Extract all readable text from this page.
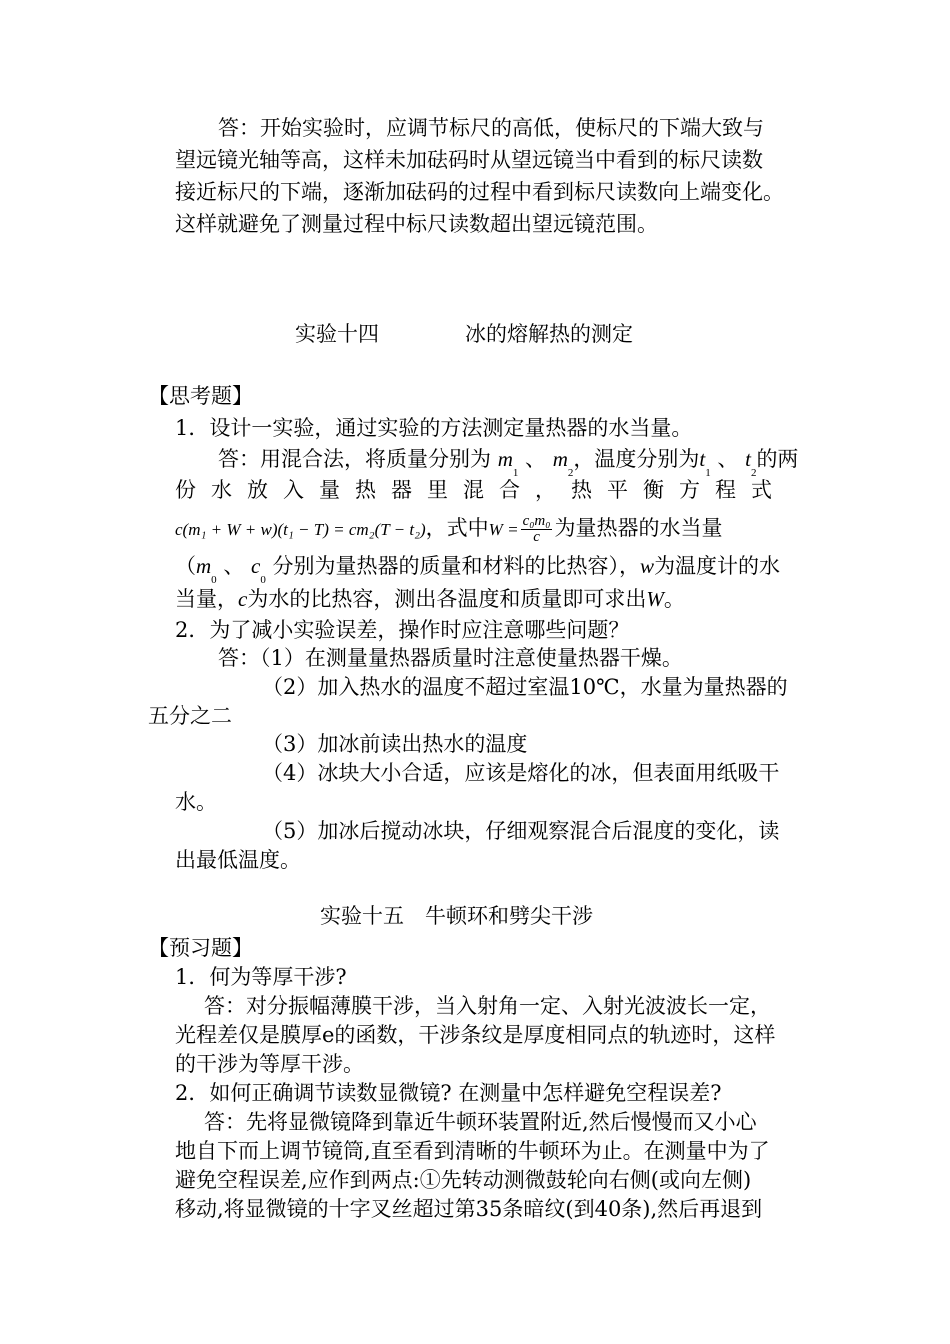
答：开始实验时，应调节标尺的高低，使标尺的下端大致与
望远镜光轴等高，这样未加砝码时从望远镜当中看到的标尺读数
接近标尺的下端，逐渐加砝码的过程中看到标尺读数向上端变化。
这样就避免了测量过程中标尺读数超出望远镜范围。
实验十四	冰的熔解热的测定
【思考题】
1．设计一实验，通过实验的方法测定量热器的水当量。
答：用混合法，将质量分别为 $m_1$ 、 $m_2$，温度分别为$t_1$ 、 $t_2$的两
份水放入量热器里混合，热平衡方程式
c(m₁ + W + w)(t₁ − T) = cm₂(T − t₂)，式中$W = \frac{\text{c₀m₀}}{c}$ 为量热器的水当量
（$m_0$ 、 $c_0$ 分别为量热器的质量和材料的比热容），w为温度计的水
当量，c为水的比热容，测出各温度和质量即可求出W。
2．为了减小实验误差，操作时应注意哪些问题？
答：（1）在测量量热器质量时注意使量热器干燥。
（2）加入热水的温度不超过室温10℃，水量为量热器的
五分之二
（3）加冰前读出热水的温度
（4）冰块大小合适，应该是熔化的冰，但表面用纸吸干
水。
（5）加冰后搅动冰块，仔细观察混合后混度的变化，读
出最低温度。
实验十五　牛顿环和劈尖干涉
【预习题】
1．何为等厚干涉?
答：对分振幅薄膜干涉，当入射角一定、入射光波波长一定，
光程差仅是膜厚e的函数，干涉条纹是厚度相同点的轨迹时，这样
的干涉为等厚干涉。
2．如何正确调节读数显微镜? 在测量中怎样避免空程误差?
答：先将显微镜降到靠近牛顿环装置附近,然后慢慢而又小心
地自下而上调节镜筒,直至看到清晰的牛顿环为止。在测量中为了
避免空程误差,应作到两点:①先转动测微鼓轮向右侧(或向左侧)
移动,将显微镜的十字叉丝超过第35条暗纹(到40条),然后再退到
